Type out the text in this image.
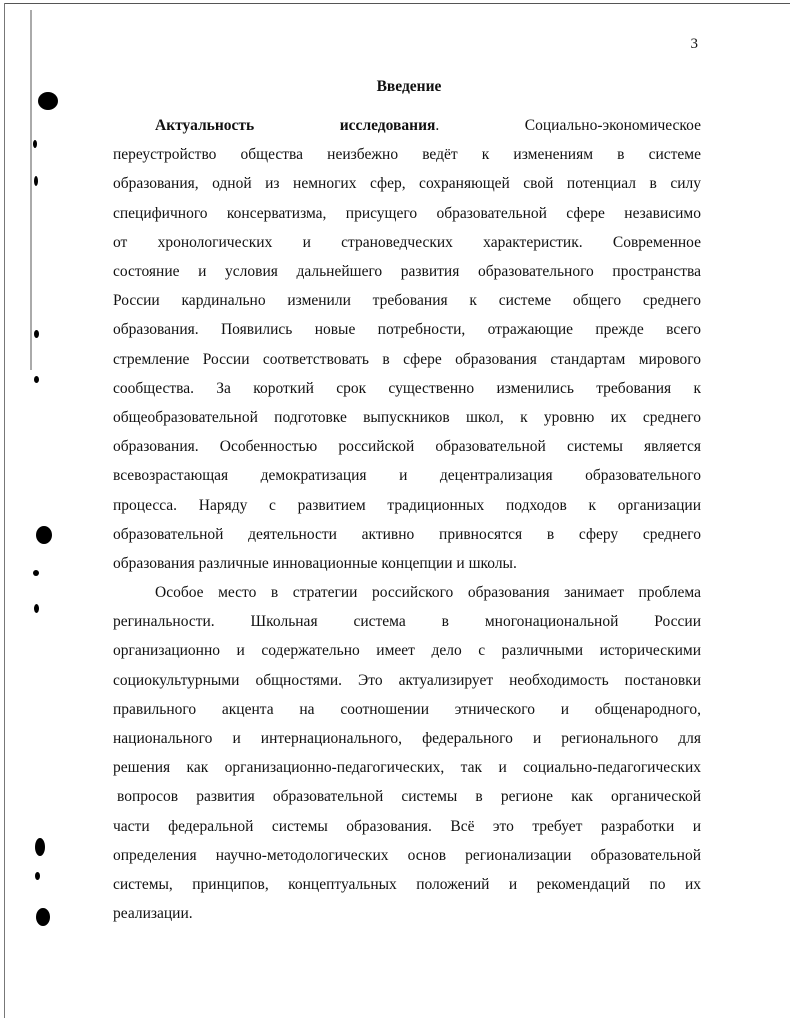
3
Введение
Актуальность	исследования.	Социально-экономическое
переустройство общества неизбежно ведёт к изменениям в системе
образования, одной из немногих сфер, сохраняющей свой потенциал в силу
специфичного консерватизма, присущего образовательной сфере независимо
от хронологических и страноведческих характеристик. Современное
состояние и условия дальнейшего развития образовательного пространства
России кардинально изменили требования к системе общего среднего
образования. Появились новые потребности, отражающие прежде всего
стремление России соответствовать в сфере образования стандартам мирового
сообщества. За короткий срок существенно изменились требования к
общеобразовательной подготовке выпускников школ, к уровню их среднего
образования. Особенностью российской образовательной системы является
всевозрастающая демократизация и децентрализация образовательного
процесса. Наряду с развитием традиционных подходов к организации
образовательной деятельности активно привносятся в сферу среднего
образования различные инновационные концепции и школы.
Особое место в стратегии российского образования занимает проблема
регинальности. Школьная система в многонациональной России
организационно и содержательно имеет дело с различными историческими
социокультурными общностями. Это актуализирует необходимость постановки
правильного акцента на соотношении этнического и общенародного,
национального и интернационального, федерального и регионального для
решения как организационно-педагогических, так и социально-педагогических
вопросов развития образовательной системы в регионе как органической
части федеральной системы образования. Всё это требует разработки и
определения научно-методологических основ регионализации образовательной
системы, принципов, концептуальных положений и рекомендаций по их
реализации.
